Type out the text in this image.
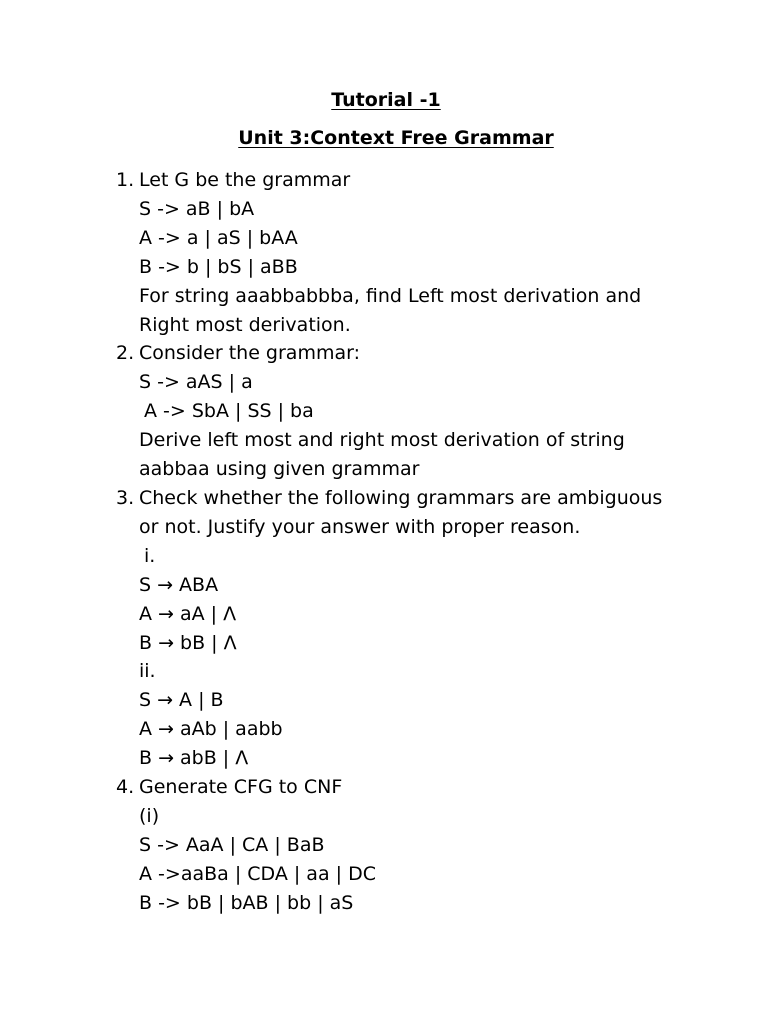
Tutorial -1
Unit 3:Context Free Grammar
1. Let G be the grammar
S -> aB | bA
A -> a | aS | bAA
B -> b | bS | aBB
For string aaabbabbba, find Left most derivation and
Right most derivation.
2. Consider the grammar:
S -> aAS | a
A -> SbA | SS | ba
Derive left most and right most derivation of string
aabbaa using given grammar
3. Check whether the following grammars are ambiguous
or not. Justify your answer with proper reason.
i.
S → ABA
A → aA | Λ
B → bB | Λ
ii.
S → A | B
A → aAb | aabb
B → abB | Λ
4. Generate CFG to CNF
(i)
S -> AaA | CA | BaB
A ->aaBa | CDA | aa | DC
B -> bB | bAB | bb | aS
